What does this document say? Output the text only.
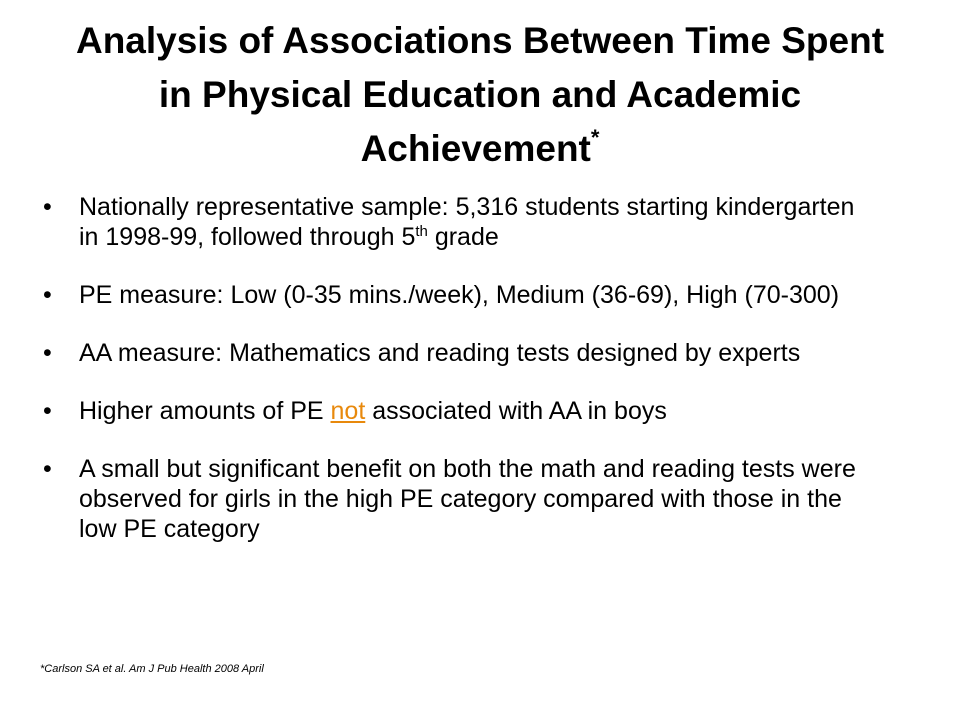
Analysis of Associations Between Time Spent
in Physical Education and Academic
Achievement*
• Nationally representative sample: 5,316 students starting kindergarten in 1998-99, followed through 5th grade
• PE measure: Low (0-35 mins./week), Medium (36-69), High (70-300)
• AA measure: Mathematics and reading tests designed by experts
• Higher amounts of PE not associated with AA in boys
• A small but significant benefit on both the math and reading tests were observed for girls in the high PE category compared with those in the low PE category
*Carlson SA et al. Am J Pub Health 2008 April
